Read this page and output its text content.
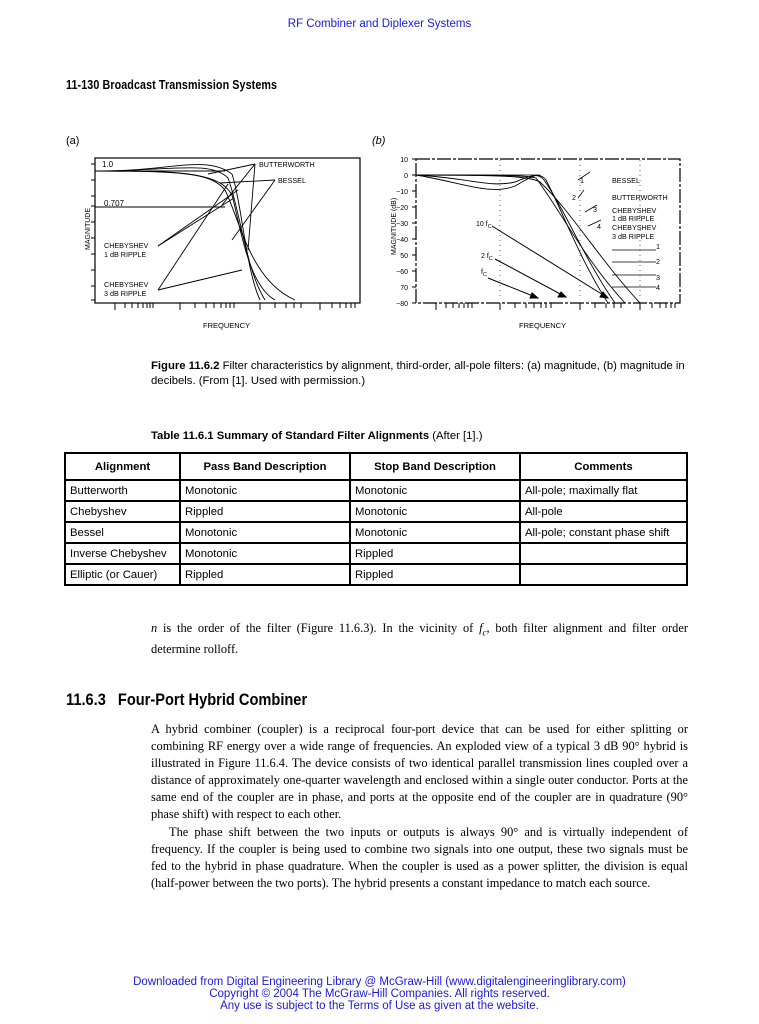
RF Combiner and Diplexer Systems
11-130 Broadcast Transmission Systems
(a)	(b)
1.0
0.707
BUTTERWORTH
BESSEL
CHEBYSHEV
1 dB RIPPLE
CHEBYSHEV
3 dB RIPPLE
MAGNITUDE
FREQUENCY
10
0
−10
−20
−30
−40
50
−60
70
−80
10 $f_C$
2 $f_C$
$f_C$
1	BESSEL
2	BUTTERWORTH
3 CHEBYSHEV
1 dB RIPPLE
4 CHEBYSHEV
3 dB RIPPLE
1
2
3
4
MAGNITUDE (dB)
FREQUENCY
Figure 11.6.2 Filter characteristics by alignment, third-order, all-pole filters: (a) magnitude, (b) magnitude in decibels. (From [1]. Used with permission.)
Table 11.6.1 Summary of Standard Filter Alignments (After [1].)
Alignment	Pass Band Description	Stop Band Description	Comments
Butterworth	Monotonic	Monotonic	All-pole; maximally flat
Chebyshev	Rippled	Monotonic	All-pole
Bessel	Monotonic	Monotonic	All-pole; constant phase shift
Inverse Chebyshev	Monotonic	Rippled	
Elliptic (or Cauer)	Rippled	Rippled	
n is the order of the filter (Figure 11.6.3). In the vicinity of $f_c$, both filter alignment and filter order determine rolloff.
11.6.3 Four-Port Hybrid Combiner
A hybrid combiner (coupler) is a reciprocal four-port device that can be used for either splitting or combining RF energy over a wide range of frequencies. An exploded view of a typical 3 dB 90° hybrid is illustrated in Figure 11.6.4. The device consists of two identical parallel transmission lines coupled over a distance of approximately one-quarter wavelength and enclosed within a single outer conductor. Ports at the same end of the coupler are in phase, and ports at the opposite end of the coupler are in quadrature (90° phase shift) with respect to each other.
The phase shift between the two inputs or outputs is always 90° and is virtually independent of frequency. If the coupler is being used to combine two signals into one output, these two signals must be fed to the hybrid in phase quadrature. When the coupler is used as a power splitter, the division is equal (half-power between the two ports). The hybrid presents a constant impedance to match each source.
Downloaded from Digital Engineering Library @ McGraw-Hill (www.digitalengineeringlibrary.com)
Copyright © 2004 The McGraw-Hill Companies. All rights reserved.
Any use is subject to the Terms of Use as given at the website.
